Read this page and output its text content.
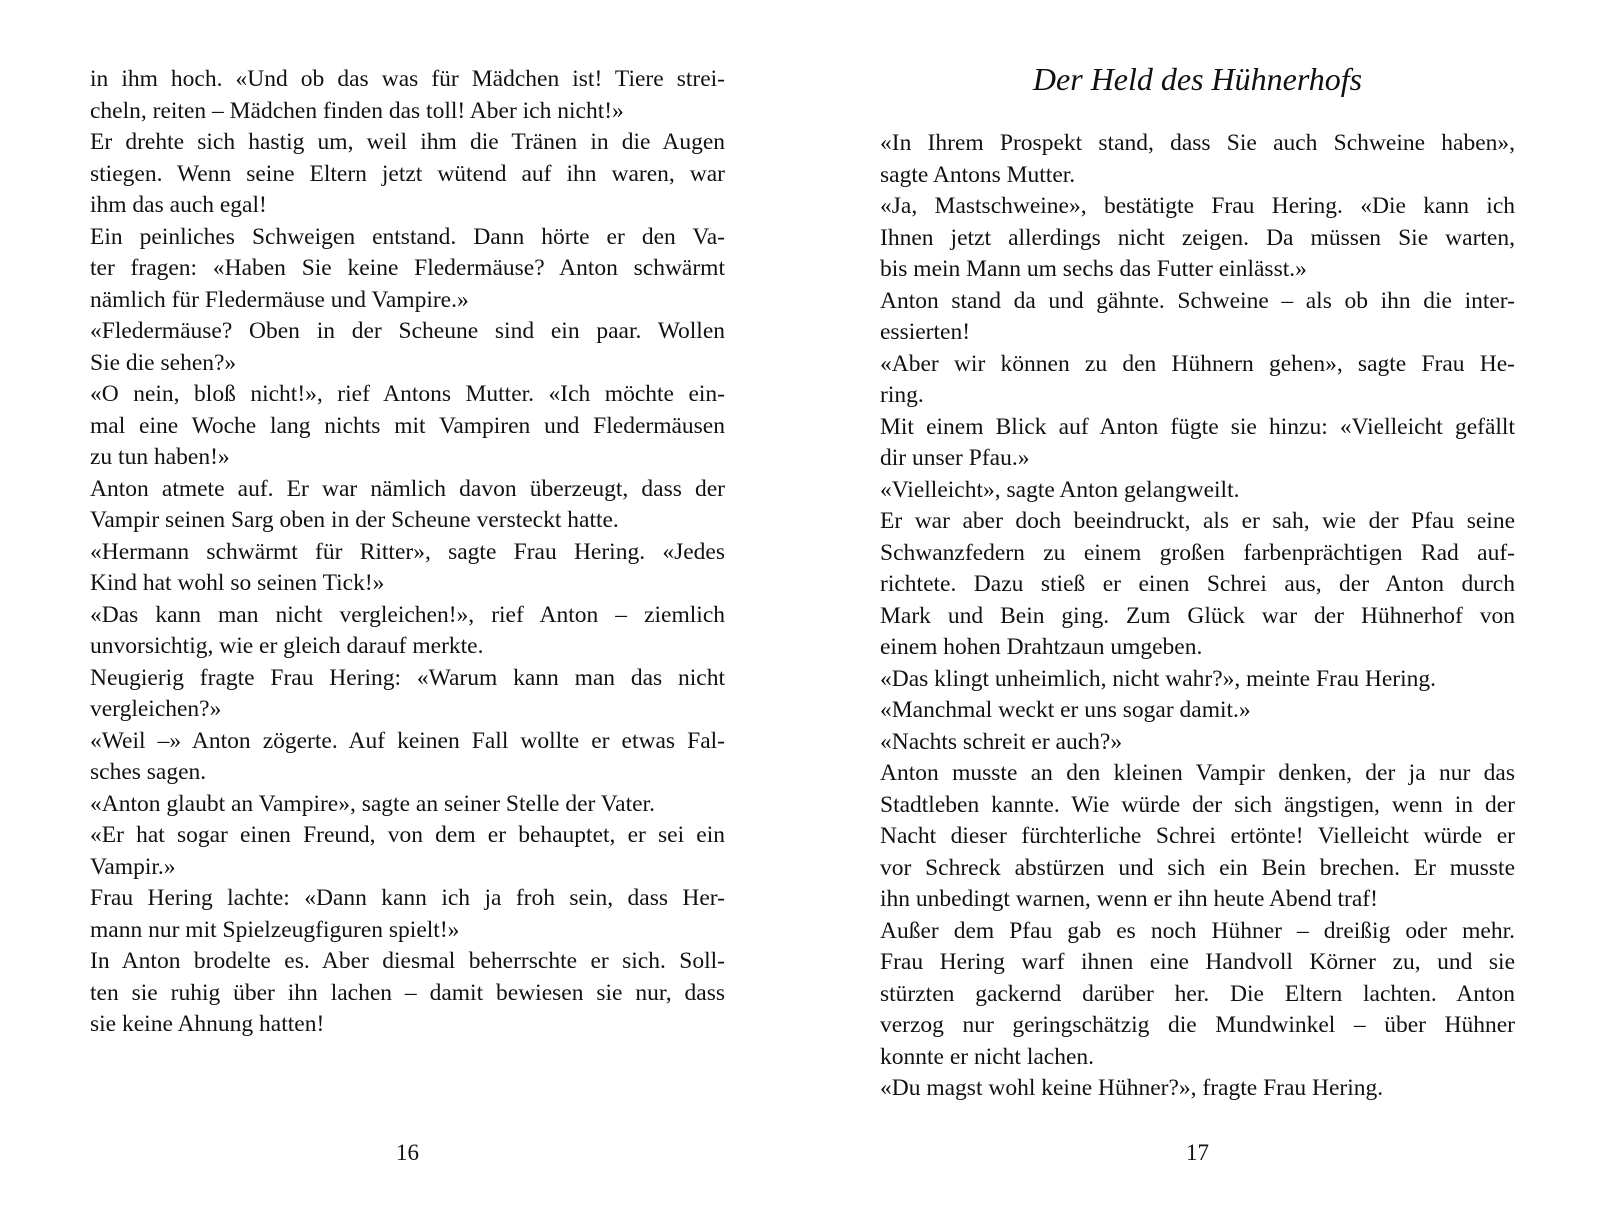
in ihm hoch. «Und ob das was für Mädchen ist! Tiere strei-
cheln, reiten – Mädchen finden das toll! Aber ich nicht!»
Er drehte sich hastig um, weil ihm die Tränen in die Augen
stiegen. Wenn seine Eltern jetzt wütend auf ihn waren, war
ihm das auch egal!
Ein peinliches Schweigen entstand. Dann hörte er den Va-
ter fragen: «Haben Sie keine Fledermäuse? Anton schwärmt
nämlich für Fledermäuse und Vampire.»
«Fledermäuse? Oben in der Scheune sind ein paar. Wollen
Sie die sehen?»
«O nein, bloß nicht!», rief Antons Mutter. «Ich möchte ein-
mal eine Woche lang nichts mit Vampiren und Fledermäusen
zu tun haben!»
Anton atmete auf. Er war nämlich davon überzeugt, dass der
Vampir seinen Sarg oben in der Scheune versteckt hatte.
«Hermann schwärmt für Ritter», sagte Frau Hering. «Jedes
Kind hat wohl so seinen Tick!»
«Das kann man nicht vergleichen!», rief Anton – ziemlich
unvorsichtig, wie er gleich darauf merkte.
Neugierig fragte Frau Hering: «Warum kann man das nicht
vergleichen?»
«Weil –» Anton zögerte. Auf keinen Fall wollte er etwas Fal-
sches sagen.
«Anton glaubt an Vampire», sagte an seiner Stelle der Vater.
«Er hat sogar einen Freund, von dem er behauptet, er sei ein
Vampir.»
Frau Hering lachte: «Dann kann ich ja froh sein, dass Her-
mann nur mit Spielzeugfiguren spielt!»
In Anton brodelte es. Aber diesmal beherrschte er sich. Soll-
ten sie ruhig über ihn lachen – damit bewiesen sie nur, dass
sie keine Ahnung hatten!
16
Der Held des Hühnerhofs
«In Ihrem Prospekt stand, dass Sie auch Schweine haben»,
sagte Antons Mutter.
«Ja, Mastschweine», bestätigte Frau Hering. «Die kann ich
Ihnen jetzt allerdings nicht zeigen. Da müssen Sie warten,
bis mein Mann um sechs das Futter einlässt.»
Anton stand da und gähnte. Schweine – als ob ihn die inter-
essierten!
«Aber wir können zu den Hühnern gehen», sagte Frau He-
ring.
Mit einem Blick auf Anton fügte sie hinzu: «Vielleicht gefällt
dir unser Pfau.»
«Vielleicht», sagte Anton gelangweilt.
Er war aber doch beeindruckt, als er sah, wie der Pfau seine
Schwanzfedern zu einem großen farbenprächtigen Rad auf-
richtete. Dazu stieß er einen Schrei aus, der Anton durch
Mark und Bein ging. Zum Glück war der Hühnerhof von
einem hohen Drahtzaun umgeben.
«Das klingt unheimlich, nicht wahr?», meinte Frau Hering.
«Manchmal weckt er uns sogar damit.»
«Nachts schreit er auch?»
Anton musste an den kleinen Vampir denken, der ja nur das
Stadtleben kannte. Wie würde der sich ängstigen, wenn in der
Nacht dieser fürchterliche Schrei ertönte! Vielleicht würde er
vor Schreck abstürzen und sich ein Bein brechen. Er musste
ihn unbedingt warnen, wenn er ihn heute Abend traf!
Außer dem Pfau gab es noch Hühner – dreißig oder mehr.
Frau Hering warf ihnen eine Handvoll Körner zu, und sie
stürzten gackernd darüber her. Die Eltern lachten. Anton
verzog nur geringschätzig die Mundwinkel – über Hühner
konnte er nicht lachen.
«Du magst wohl keine Hühner?», fragte Frau Hering.
17
